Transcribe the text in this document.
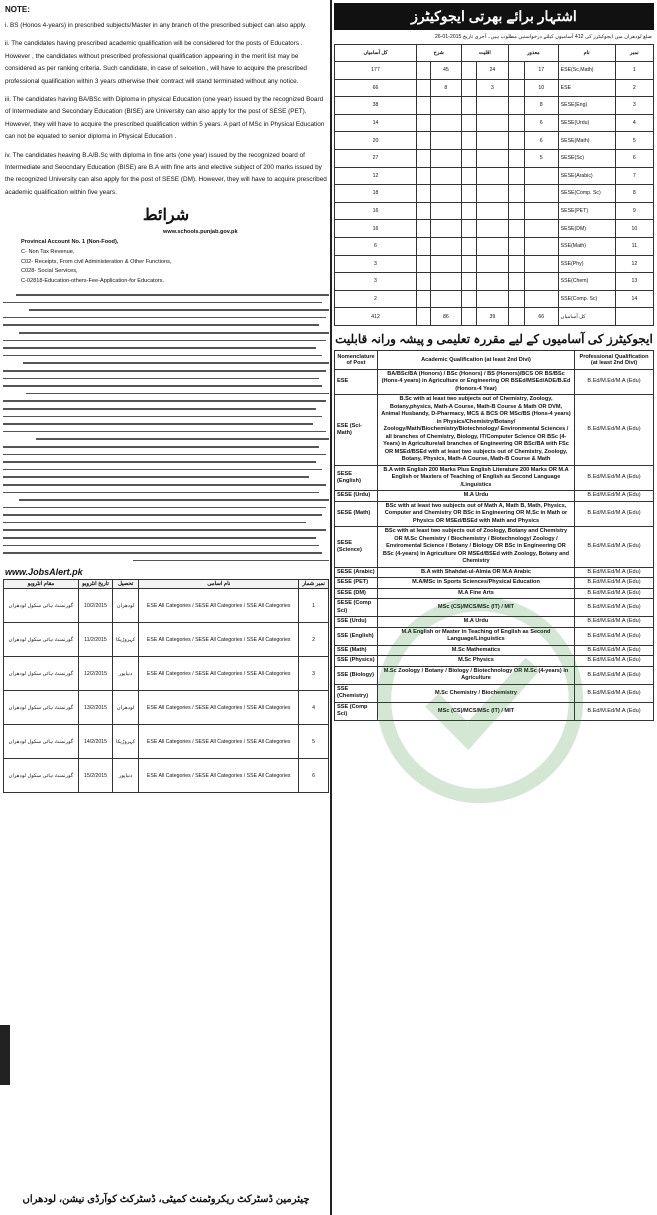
NOTE:

i. BS (Honos 4-years) in prescribed subjects/Master in any branch of the prescribed subject can also apply.

ii. The candidates having prescribed academic qualification will be considered for the posts of Educators . However , the candidates without prescribed professional qualification appearing in the merit list may be considered as per ranking criteria. Such candidate, in case of selcetion , will have to acquire the prescribed professional qualification within 3 years otherwise their contract will stand terminated without any notice.

iii. The candidates having BA/BSc with Diploma in physical Education (one year) issued by the recognized Board of Intermediate and Secondary Education (BISE) are University can also apply for the post of SESE (PET). However, they will have to acquire the prescribed qualification within 5 years. A part of MSc in Physical Education can not be equated to senior diploma in Physical Education .

iv. The candidates heaving B.A/B.Sc with diploma in fine arts (one year) issued by the recognized board of Intermediate and Seocndary Education (BISE) are B.A with fine arts and elective subject of 200 marks issued by the recognized University can also apply for the post of SESE (DM). However, they will have to acquire prescribed academic qualification within five years.

شرائط

www.schools.punjab.gov.pk

Provincal Account No. 1 (Non-Food),

C- Non Tax Revenue,

C02- Receipts, From civil Administeration & Other Functions,

C028- Social Services,

C-02818-Education-others-Fee-Application-for Educators.

www.JobsAlert.pk
مقام انٹرویو	تاریخ انٹرویو	تحصیل	نام اسامی	نمبر شمار
گورنمنٹ ہائی سکول لودھراں	10/2/2015	لودھراں	ESE All Categories / SESE All Categories / SSE All Categories	1
گورنمنٹ ہائی سکول لودھراں	11/2/2015	کہروڑپکا	ESE All Categories / SESE All Categories / SSE All Categories	2
گورنمنٹ ہائی سکول لودھراں	12/2/2015	دنیاپور	ESE All Categories / SESE All Categories / SSE All Categories	3
گورنمنٹ ہائی سکول لودھراں	13/2/2015	لودھراں	ESE All Categories / SESE All Categories / SSE All Categories	4
گورنمنٹ ہائی سکول لودھراں	14/2/2015	کہروڑپکا	ESE All Categories / SESE All Categories / SSE All Categories	5
گورنمنٹ ہائی سکول لودھراں	15/2/2015	دنیاپور	ESE All Categories / SESE All Categories / SSE All Categories	6
چیئرمین ڈسٹرکٹ ریکروٹمنٹ کمیٹی، ڈسٹرکٹ کوآرڈی نیشن، لودھراں
اشتہار برائے بھرتی ایجوکیٹرز

ضلع لودھراں میں ایجوکیٹرز کی 412 آسامیوں کیلئے درخواستیں مطلوب ہیں۔ آخری تاریخ 2015-01-26

کل آسامیاں	شرح		اقلیت		معذور		نام	نمبر
177		45		24		17	ESE(Sc,Math)	1
66		8		3		10	ESE	2
38						8	SESE(Eng)	3
14						6	SESE(Urdu)	4
20						6	SESE(Math)	5
27						5	SESE(Sc)	6
12							SESE(Arabic)	7
18							SESE(Comp. Sc)	8
16							SESE(PET)	9
16							SESE(DM)	10
6							SSE(Math)	11
3							SSE(Phy)	12
3							SSE(Chem)	13
2							SSE(Comp. Sc)	14
412		86		39		66	کل آسامیاں	
ایجوکیٹرز کی آسامیوں کے لیے مقررہ تعلیمی و پیشہ ورانہ قابلیت
Nomenclature of Post	Academic Qualification (at least 2nd Divi)	Professional Qualification (at least 2nd Divi)
ESE	BA/BSc/BA (Honors) / BSc (Honors) / BS (Honors)/BCS OR BS/BSc (Hons-4 years) in Agriculture or Engineering OR BSEd/MSEd/ADE/B.Ed (Honors-4 Year)	B.Ed/M.Ed/M.A (Edu)
ESE (Sci-Math)	B.Sc with at least two subjects out of Chemistry, Zoology, Botany,physics, Math-A Course, Math-B Course & Math OR DVM, Animal Husbandy, D-Pharmacy, MCS & BCS OR MSc/BS (Hons-4 years) in Physics/Chemistry/Botany/ Zoology/Math/Biochemistry/Biotechnology/ Environmental Sciences / all branches of Chemistry, Biology, IT/Computer Science OR BSc (4-Years) in Agriculture/all branches of Engineering OR BSc/BA with FSc OR MSEd/BSEd with at least two subjects out of Chemistry, Zoology, Botany, Physics, Math-A Course, Math-B Course & Math	B.Ed/M.Ed/M.A (Edu)
SESE (English)	B.A with English 200 Marks Plus English Literature 200 Marks OR M.A English or Masters of Teaching of English as Second Language /Linguistics	B.Ed/M.Ed/M.A (Edu)
SESE (Urdu)	M.A Urdu	B.Ed/M.Ed/M.A (Edu)
SESE (Math)	BSc with at least two subjects out of Math A, Math B, Math, Physics, Computer and Chemistry OR BSc in Engineering OR M.Sc in Math or Physics OR MSEd/BSEd with Math and Physics	B.Ed/M.Ed/M.A (Edu)
SESE (Science)	BSc with at least two subjects out of Zoology, Botany and Chemistry OR M.Sc Chemistry / Biochemistry / Biotechnology/ Zoology / Enviromental Science / Botany / Biology OR BSc in Engineering OR BSc (4-years) in Agriculture OR MSEd/BSEd with Zoology, Botany and Chemistry	B.Ed/M.Ed/M.A (Edu)
SESE (Arabic)	B.A with Shahdat-ul-Almia OR M.A Arabic	B.Ed/M.Ed/M.A (Edu)
SESE (PET)	M.A/MSc in Sports Sciences/Physical Education	B.Ed/M.Ed/M.A (Edu)
SESE (DM)	M.A Fine Arts	B.Ed/M.Ed/M.A (Edu)
SESE (Comp Sci)	MSc (CS)/MCS/MSc (IT) / MIT	B.Ed/M.Ed/M.A (Edu)
SSE (Urdu)	M.A Urdu	B.Ed/M.Ed/M.A (Edu)
SSE (English)	M.A English or Master in Teaching of English as Second Language/Linguistics	B.Ed/M.Ed/M.A (Edu)
SSE (Math)	M.Sc Mathematics	B.Ed/M.Ed/M.A (Edu)
SSE (Physics)	M.Sc Physics	B.Ed/M.Ed/M.A (Edu)
SSE (Biology)	M.Sc Zoology / Botany / Biology / Biotechnology OR M.Sc (4-years) in Agriculture	B.Ed/M.Ed/M.A (Edu)
SSE (Chemistry)	M.Sc Chemistry / Biochemistry	B.Ed/M.Ed/M.A (Edu)
SSE (Comp Sci)	MSc (CS)/MCS/MSc (IT) / MIT	B.Ed/M.Ed/M.A (Edu)
